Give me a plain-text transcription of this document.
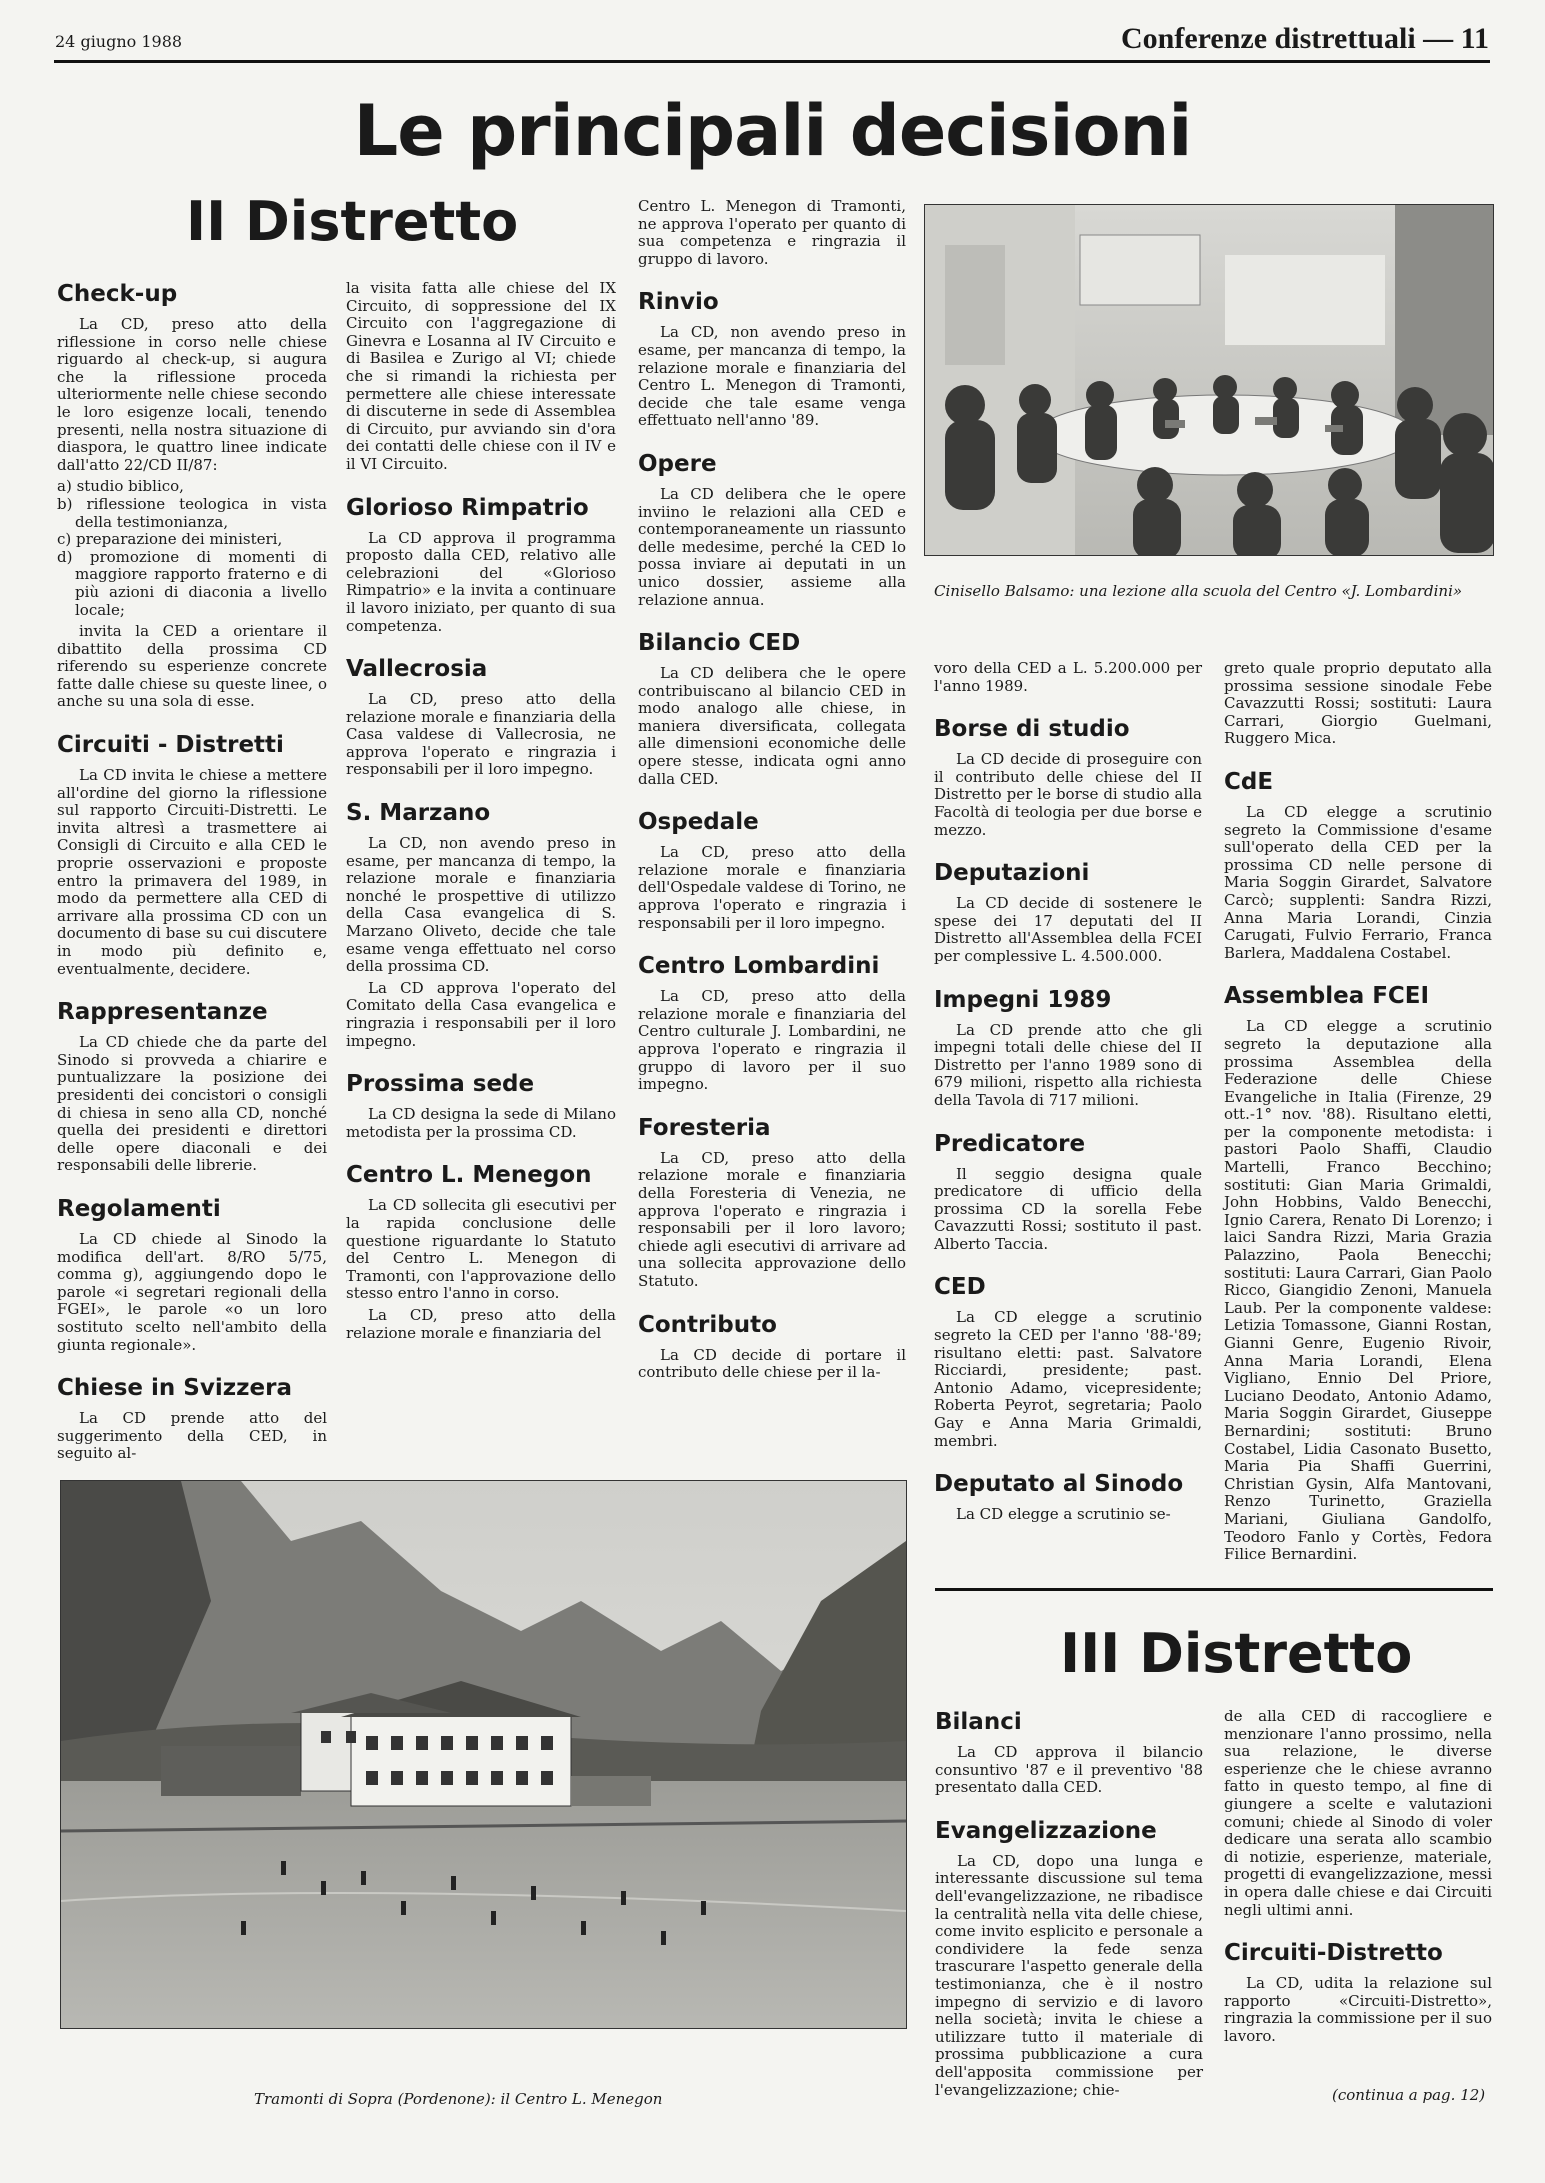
24 giugno 1988	Conferenze distrettuali — 11
Le principali decisioni
II Distretto
Check-up

La CD, preso atto della riflessione in corso nelle chiese riguardo al check-up, si augura che la riflessione proceda ulteriormente nelle chiese secondo le loro esigenze locali, tenendo presenti, nella nostra situazione di diaspora, le quattro linee indicate dall'atto 22/CD II/87:

a) studio biblico,
b) riflessione teologica in vista della testimonianza,
c) preparazione dei ministeri,
d) promozione di momenti di maggiore rapporto fraterno e di più azioni di diaconia a livello locale;

invita la CED a orientare il dibattito della prossima CD riferendo su esperienze concrete fatte dalle chiese su queste linee, o anche su una sola di esse.

Circuiti - Distretti

La CD invita le chiese a mettere all'ordine del giorno la riflessione sul rapporto Circuiti-Distretti. Le invita altresì a trasmettere ai Consigli di Circuito e alla CED le proprie osservazioni e proposte entro la primavera del 1989, in modo da permettere alla CED di arrivare alla prossima CD con un documento di base su cui discutere in modo più definito e, eventualmente, decidere.

Rappresentanze

La CD chiede che da parte del Sinodo si provveda a chiarire e puntualizzare la posizione dei presidenti dei concistori o consigli di chiesa in seno alla CD, nonché quella dei presidenti e direttori delle opere diaconali e dei responsabili delle librerie.

Regolamenti

La CD chiede al Sinodo la modifica dell'art. 8/RO 5/75, comma g), aggiungendo dopo le parole «i segretari regionali della FGEI», le parole «o un loro sostituto scelto nell'ambito della giunta regionale».

Chiese in Svizzera

La CD prende atto del suggerimento della CED, in seguito al-

la visita fatta alle chiese del IX Circuito, di soppressione del IX Circuito con l'aggregazione di Ginevra e Losanna al IV Circuito e di Basilea e Zurigo al VI; chiede che si rimandi la richiesta per permettere alle chiese interessate di discuterne in sede di Assemblea di Circuito, pur avviando sin d'ora dei contatti delle chiese con il IV e il VI Circuito.

Glorioso Rimpatrio

La CD approva il programma proposto dalla CED, relativo alle celebrazioni del «Glorioso Rimpatrio» e la invita a continuare il lavoro iniziato, per quanto di sua competenza.

Vallecrosia

La CD, preso atto della relazione morale e finanziaria della Casa valdese di Vallecrosia, ne approva l'operato e ringrazia i responsabili per il loro impegno.

S. Marzano

La CD, non avendo preso in esame, per mancanza di tempo, la relazione morale e finanziaria nonché le prospettive di utilizzo della Casa evangelica di S. Marzano Oliveto, decide che tale esame venga effettuato nel corso della prossima CD.

La CD approva l'operato del Comitato della Casa evangelica e ringrazia i responsabili per il loro impegno.

Prossima sede

La CD designa la sede di Milano metodista per la prossima CD.

Centro L. Menegon

La CD sollecita gli esecutivi per la rapida conclusione delle questione riguardante lo Statuto del Centro L. Menegon di Tramonti, con l'approvazione dello stesso entro l'anno in corso.

La CD, preso atto della relazione morale e finanziaria del

Centro L. Menegon di Tramonti, ne approva l'operato per quanto di sua competenza e ringrazia il gruppo di lavoro.

Rinvio

La CD, non avendo preso in esame, per mancanza di tempo, la relazione morale e finanziaria del Centro L. Menegon di Tramonti, decide che tale esame venga effettuato nell'anno '89.

Opere

La CD delibera che le opere inviino le relazioni alla CED e contemporaneamente un riassunto delle medesime, perché la CED lo possa inviare ai deputati in un unico dossier, assieme alla relazione annua.

Bilancio CED

La CD delibera che le opere contribuiscano al bilancio CED in modo analogo alle chiese, in maniera diversificata, collegata alle dimensioni economiche delle opere stesse, indicata ogni anno dalla CED.

Ospedale

La CD, preso atto della relazione morale e finanziaria dell'Ospedale valdese di Torino, ne approva l'operato e ringrazia i responsabili per il loro impegno.

Centro Lombardini

La CD, preso atto della relazione morale e finanziaria del Centro culturale J. Lombardini, ne approva l'operato e ringrazia il gruppo di lavoro per il suo impegno.

Foresteria

La CD, preso atto della relazione morale e finanziaria della Foresteria di Venezia, ne approva l'operato e ringrazia i responsabili per il loro lavoro; chiede agli esecutivi di arrivare ad una sollecita approvazione dello Statuto.

Contributo

La CD decide di portare il contributo delle chiese per il la-

voro della CED a L. 5.200.000 per l'anno 1989.

Borse di studio

La CD decide di proseguire con il contributo delle chiese del II Distretto per le borse di studio alla Facoltà di teologia per due borse e mezzo.

Deputazioni

La CD decide di sostenere le spese dei 17 deputati del II Distretto all'Assemblea della FCEI per complessive L. 4.500.000.

Impegni 1989

La CD prende atto che gli impegni totali delle chiese del II Distretto per l'anno 1989 sono di 679 milioni, rispetto alla richiesta della Tavola di 717 milioni.

Predicatore

Il seggio designa quale predicatore di ufficio della prossima CD la sorella Febe Cavazzutti Rossi; sostituto il past. Alberto Taccia.

CED

La CD elegge a scrutinio segreto la CED per l'anno '88-'89; risultano eletti: past. Salvatore Ricciardi, presidente; past. Antonio Adamo, vicepresidente; Roberta Peyrot, segretaria; Paolo Gay e Anna Maria Grimaldi, membri.

Deputato al Sinodo

La CD elegge a scrutinio se-

greto quale proprio deputato alla prossima sessione sinodale Febe Cavazzutti Rossi; sostituti: Laura Carrari, Giorgio Guelmani, Ruggero Mica.

CdE

La CD elegge a scrutinio segreto la Commissione d'esame sull'operato della CED per la prossima CD nelle persone di Maria Soggin Girardet, Salvatore Carcò; supplenti: Sandra Rizzi, Anna Maria Lorandi, Cinzia Carugati, Fulvio Ferrario, Franca Barlera, Maddalena Costabel.

Assemblea FCEI

La CD elegge a scrutinio segreto la deputazione alla prossima Assemblea della Federazione delle Chiese Evangeliche in Italia (Firenze, 29 ott.-1° nov. '88). Risultano eletti, per la componente metodista: i pastori Paolo Shaffi, Claudio Martelli, Franco Becchino; sostituti: Gian Maria Grimaldi, John Hobbins, Valdo Benecchi, Ignio Carera, Renato Di Lorenzo; i laici Sandra Rizzi, Maria Grazia Palazzino, Paola Benecchi; sostituti: Laura Carrari, Gian Paolo Ricco, Giangidio Zenoni, Manuela Laub. Per la componente valdese: Letizia Tomassone, Gianni Rostan, Gianni Genre, Eugenio Rivoir, Anna Maria Lorandi, Elena Vigliano, Ennio Del Priore, Luciano Deodato, Antonio Adamo, Maria Soggin Girardet, Giuseppe Bernardini; sostituti: Bruno Costabel, Lidia Casonato Busetto, Maria Pia Shaffi Guerrini, Christian Gysin, Alfa Mantovani, Renzo Turinetto, Graziella Mariani, Giuliana Gandolfo, Teodoro Fanlo y Cortès, Fedora Filice Bernardini.

Cinisello Balsamo: una lezione alla scuola del Centro «J. Lombardini»
Tramonti di Sopra (Pordenone): il Centro L. Menegon
III Distretto
Bilanci

La CD approva il bilancio consuntivo '87 e il preventivo '88 presentato dalla CED.

Evangelizzazione

La CD, dopo una lunga e interessante discussione sul tema dell'evangelizzazione, ne ribadisce la centralità nella vita delle chiese, come invito esplicito e personale a condividere la fede senza trascurare l'aspetto generale della testimonianza, che è il nostro impegno di servizio e di lavoro nella società; invita le chiese a utilizzare tutto il materiale di prossima pubblicazione a cura dell'apposita commissione per l'evangelizzazione; chie-

de alla CED di raccogliere e menzionare l'anno prossimo, nella sua relazione, le diverse esperienze che le chiese avranno fatto in questo tempo, al fine di giungere a scelte e valutazioni comuni; chiede al Sinodo di voler dedicare una serata allo scambio di notizie, esperienze, materiale, progetti di evangelizzazione, messi in opera dalle chiese e dai Circuiti negli ultimi anni.

Circuiti-Distretto

La CD, udita la relazione sul rapporto «Circuiti-Distretto», ringrazia la commissione per il suo lavoro.

(continua a pag. 12)
